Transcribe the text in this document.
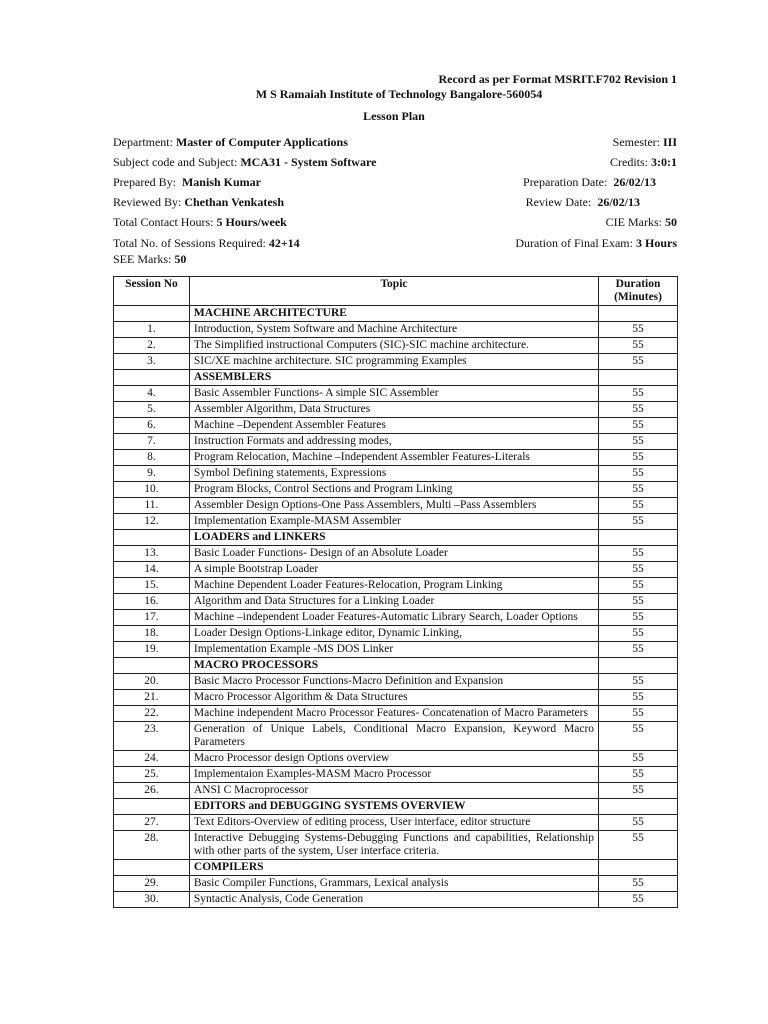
Record as per Format MSRIT.F702 Revision 1
M S Ramaiah Institute of Technology Bangalore-560054
Lesson Plan
Department: Master of Computer Applications	Semester: III
Subject code and Subject: MCA31 - System Software	Credits: 3:0:1
Prepared By: Manish Kumar	Preparation Date: 26/02/13
Reviewed By: Chethan Venkatesh	Review Date: 26/02/13
Total Contact Hours: 5 Hours/week	CIE Marks: 50
Total No. of Sessions Required: 42+14	Duration of Final Exam: 3 Hours
SEE Marks: 50
Session No	Topic	Duration (Minutes)
	MACHINE ARCHITECTURE	
1.	Introduction, System Software and Machine Architecture	55
2.	The Simplified instructional Computers (SIC)-SIC machine architecture.	55
3.	SIC/XE machine architecture. SIC programming Examples	55
	ASSEMBLERS	
4.	Basic Assembler Functions- A simple SIC Assembler	55
5.	Assembler Algorithm, Data Structures	55
6.	Machine –Dependent Assembler Features	55
7.	Instruction Formats and addressing modes,	55
8.	Program Relocation, Machine –Independent Assembler Features-Literals	55
9.	Symbol Defining statements, Expressions	55
10.	Program Blocks, Control Sections and Program Linking	55
11.	Assembler Design Options-One Pass Assemblers, Multi –Pass Assemblers	55
12.	Implementation Example-MASM Assembler	55
	LOADERS and LINKERS	
13.	Basic Loader Functions- Design of an Absolute Loader	55
14.	A simple Bootstrap Loader	55
15.	Machine Dependent Loader Features-Relocation, Program Linking	55
16.	Algorithm and Data Structures for a Linking Loader	55
17.	Machine –independent Loader Features-Automatic Library Search, Loader Options	55
18.	Loader Design Options-Linkage editor, Dynamic Linking,	55
19.	Implementation Example -MS DOS Linker	55
	MACRO PROCESSORS	
20.	Basic Macro Processor Functions-Macro Definition and Expansion	55
21.	Macro Processor Algorithm & Data Structures	55
22.	Machine independent Macro Processor Features- Concatenation of Macro Parameters	55
23.	Generation of Unique Labels, Conditional Macro Expansion, Keyword Macro Parameters	55
24.	Macro Processor design Options overview	55
25.	Implementaion Examples-MASM Macro Processor	55
26.	ANSI C Macroprocessor	55
	EDITORS and DEBUGGING SYSTEMS OVERVIEW	
27.	Text Editors-Overview of editing process, User interface, editor structure	55
28.	Interactive Debugging Systems-Debugging Functions and capabilities, Relationship with other parts of the system, User interface criteria.	55
	COMPILERS	
29.	Basic Compiler Functions, Grammars, Lexical analysis	55
30.	Syntactic Analysis, Code Generation	55
